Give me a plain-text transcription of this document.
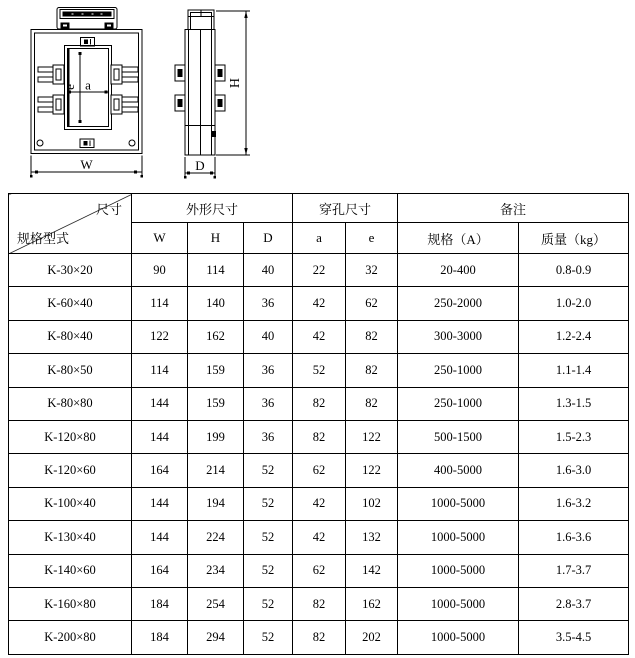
e a
W	D
H
尺寸
规格型式	外形尺寸			穿孔尺寸		备注	
	W	H	D	a	e	规格（A）	质量（kg）
K-30×20	90	114	40	22	32	20-400	0.8-0.9
K-60×40	114	140	36	42	62	250-2000	1.0-2.0
K-80×40	122	162	40	42	82	300-3000	1.2-2.4
K-80×50	114	159	36	52	82	250-1000	1.1-1.4
K-80×80	144	159	36	82	82	250-1000	1.3-1.5
K-120×80	144	199	36	82	122	500-1500	1.5-2.3
K-120×60	164	214	52	62	122	400-5000	1.6-3.0
K-100×40	144	194	52	42	102	1000-5000	1.6-3.2
K-130×40	144	224	52	42	132	1000-5000	1.6-3.6
K-140×60	164	234	52	62	142	1000-5000	1.7-3.7
K-160×80	184	254	52	82	162	1000-5000	2.8-3.7
K-200×80	184	294	52	82	202	1000-5000	3.5-4.5
